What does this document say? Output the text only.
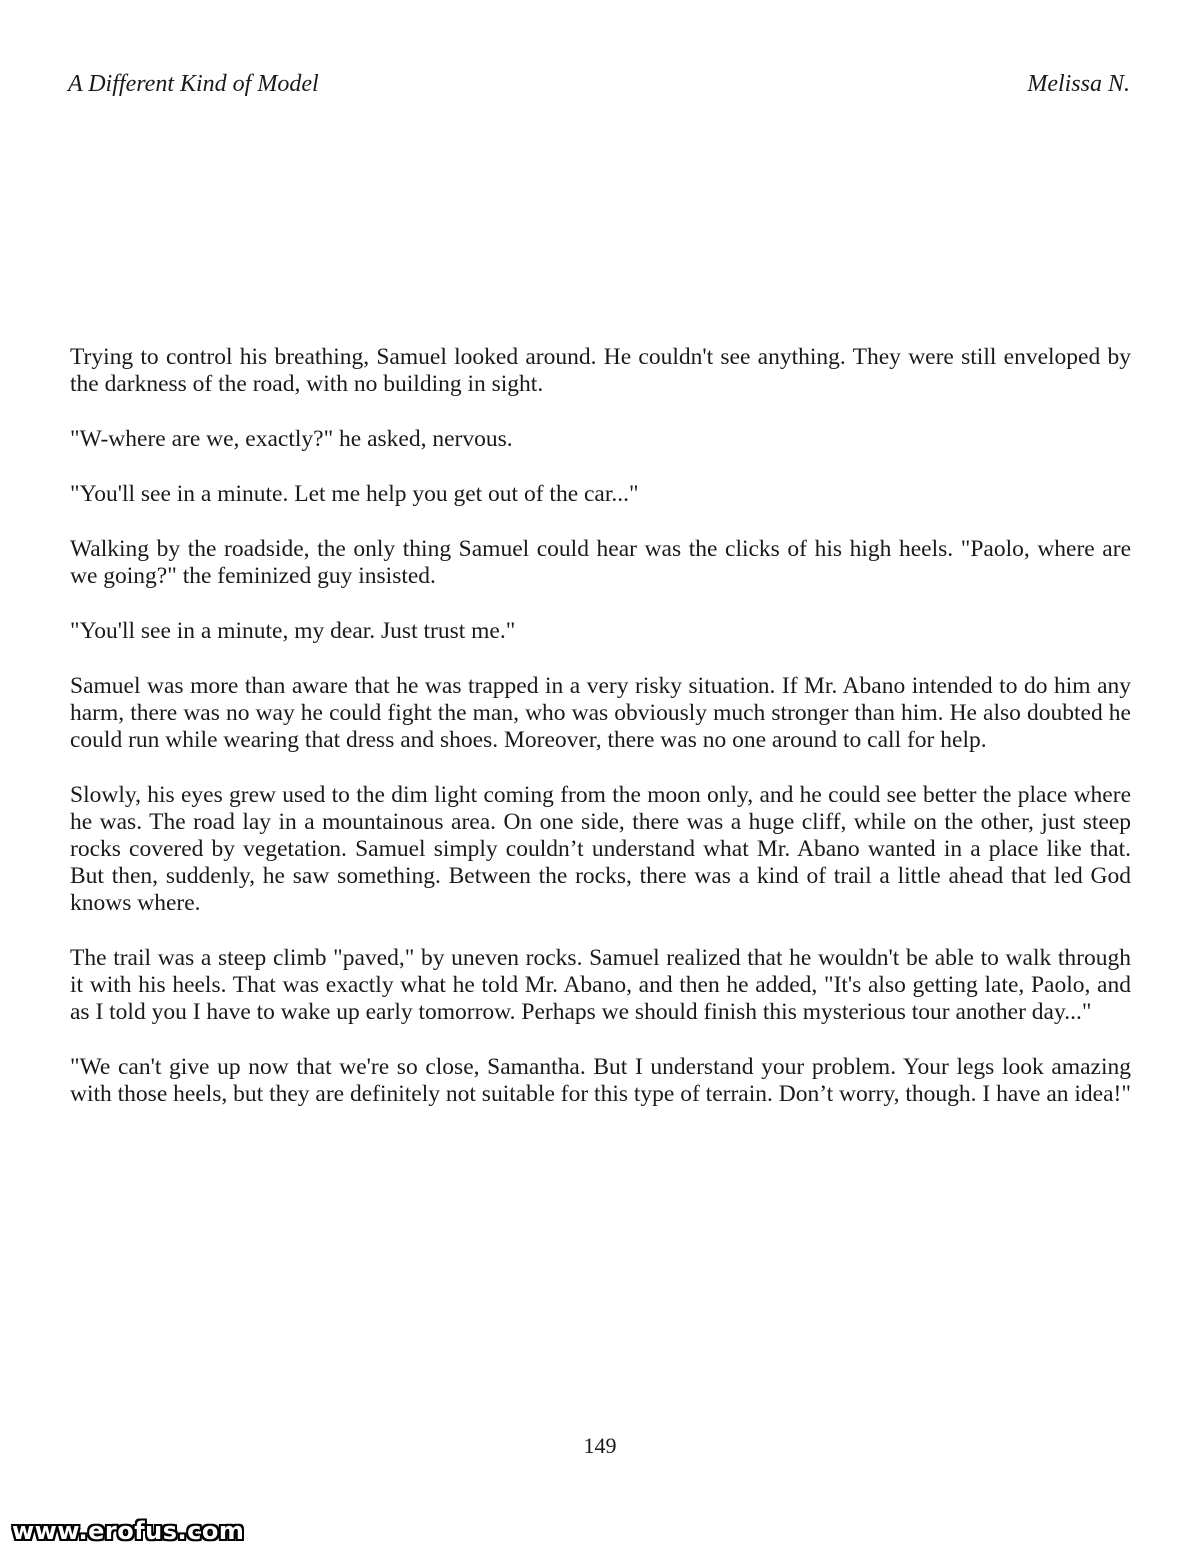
A Different Kind of Model	Melissa N.

Trying to control his breathing, Samuel looked around. He couldn't see anything. They were still enveloped by the darkness of the road, with no building in sight.

"W-where are we, exactly?" he asked, nervous.

"You'll see in a minute. Let me help you get out of the car..."

Walking by the roadside, the only thing Samuel could hear was the clicks of his high heels. "Paolo, where are we going?" the feminized guy insisted.

"You'll see in a minute, my dear. Just trust me."

Samuel was more than aware that he was trapped in a very risky situation. If Mr. Abano intended to do him any harm, there was no way he could fight the man, who was obviously much stronger than him. He also doubted he could run while wearing that dress and shoes. Moreover, there was no one around to call for help.

Slowly, his eyes grew used to the dim light coming from the moon only, and he could see better the place where he was. The road lay in a mountainous area. On one side, there was a huge cliff, while on the other, just steep rocks covered by vegetation. Samuel simply couldn’t understand what Mr. Abano wanted in a place like that. But then, suddenly, he saw something. Between the rocks, there was a kind of trail a little ahead that led God knows where.

The trail was a steep climb "paved," by uneven rocks. Samuel realized that he wouldn't be able to walk through it with his heels. That was exactly what he told Mr. Abano, and then he added, "It's also getting late, Paolo, and as I told you I have to wake up early tomorrow. Perhaps we should finish this mysterious tour another day..."

"We can't give up now that we're so close, Samantha. But I understand your problem. Your legs look amazing with those heels, but they are definitely not suitable for this type of terrain. Don’t worry, though. I have an idea!"

149
www.erofus.com
